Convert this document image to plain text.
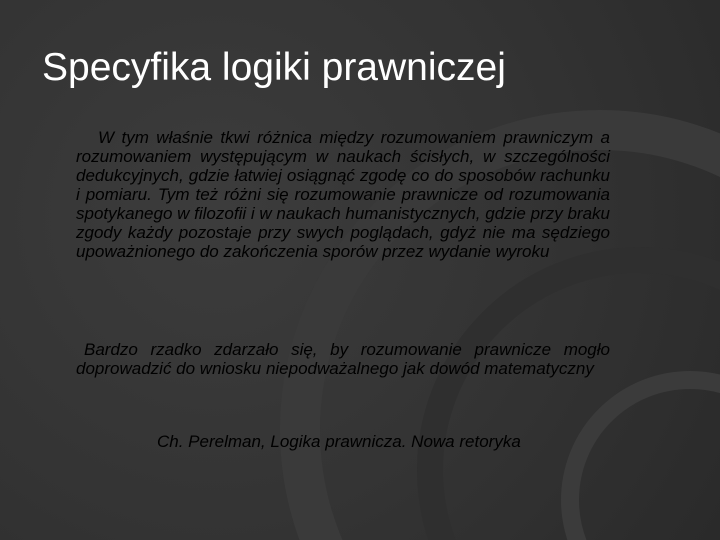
Specyfika logiki prawniczej

W tym właśnie tkwi różnica między rozumowaniem prawniczym a rozumowaniem występującym w naukach ścisłych, w szczególności dedukcyjnych, gdzie łatwiej osiągnąć zgodę co do sposobów rachunku i pomiaru. Tym też różni się rozumowanie prawnicze od rozumowania spotykanego w filozofii i w naukach humanistycznych, gdzie przy braku zgody każdy pozostaje przy swych poglądach, gdyż nie ma sędziego upoważnionego do zakończenia sporów przez wydanie wyroku

Bardzo rzadko zdarzało się, by rozumowanie prawnicze mogło doprowadzić do wniosku niepodważalnego jak dowód matematyczny

Ch. Perelman, Logika prawnicza. Nowa retoryka
